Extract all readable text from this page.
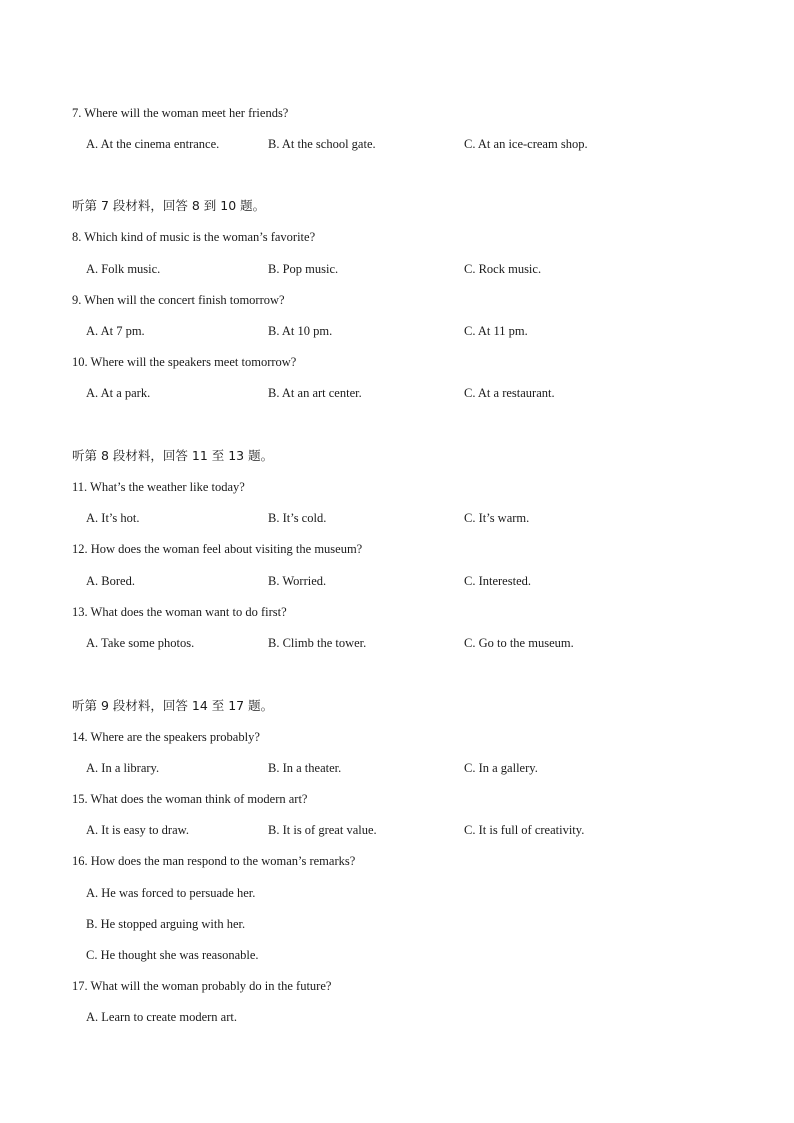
7. Where will the woman meet her friends?
A. At the cinema entrance.	B. At the school gate.	C. At an ice-cream shop.
听第 7 段材料，回答 8 到 10 题。
8. Which kind of music is the woman’s favorite?
A. Folk music.	B. Pop music.	C. Rock music.
9. When will the concert finish tomorrow?
A. At 7 pm.	B. At 10 pm.	C. At 11 pm.
10. Where will the speakers meet tomorrow?
A. At a park.	B. At an art center.	C. At a restaurant.
听第 8 段材料，回答 11 至 13 题。
11. What’s the weather like today?
A. It’s hot.	B. It’s cold.	C. It’s warm.
12. How does the woman feel about visiting the museum?
A. Bored.	B. Worried.	C. Interested.
13. What does the woman want to do first?
A. Take some photos.	B. Climb the tower.	C. Go to the museum.
听第 9 段材料，回答 14 至 17 题。
14. Where are the speakers probably?
A. In a library.	B. In a theater.	C. In a gallery.
15. What does the woman think of modern art?
A. It is easy to draw.	B. It is of great value.	C. It is full of creativity.
16. How does the man respond to the woman’s remarks?
A. He was forced to persuade her.
B. He stopped arguing with her.
C. He thought she was reasonable.
17. What will the woman probably do in the future?
A. Learn to create modern art.
